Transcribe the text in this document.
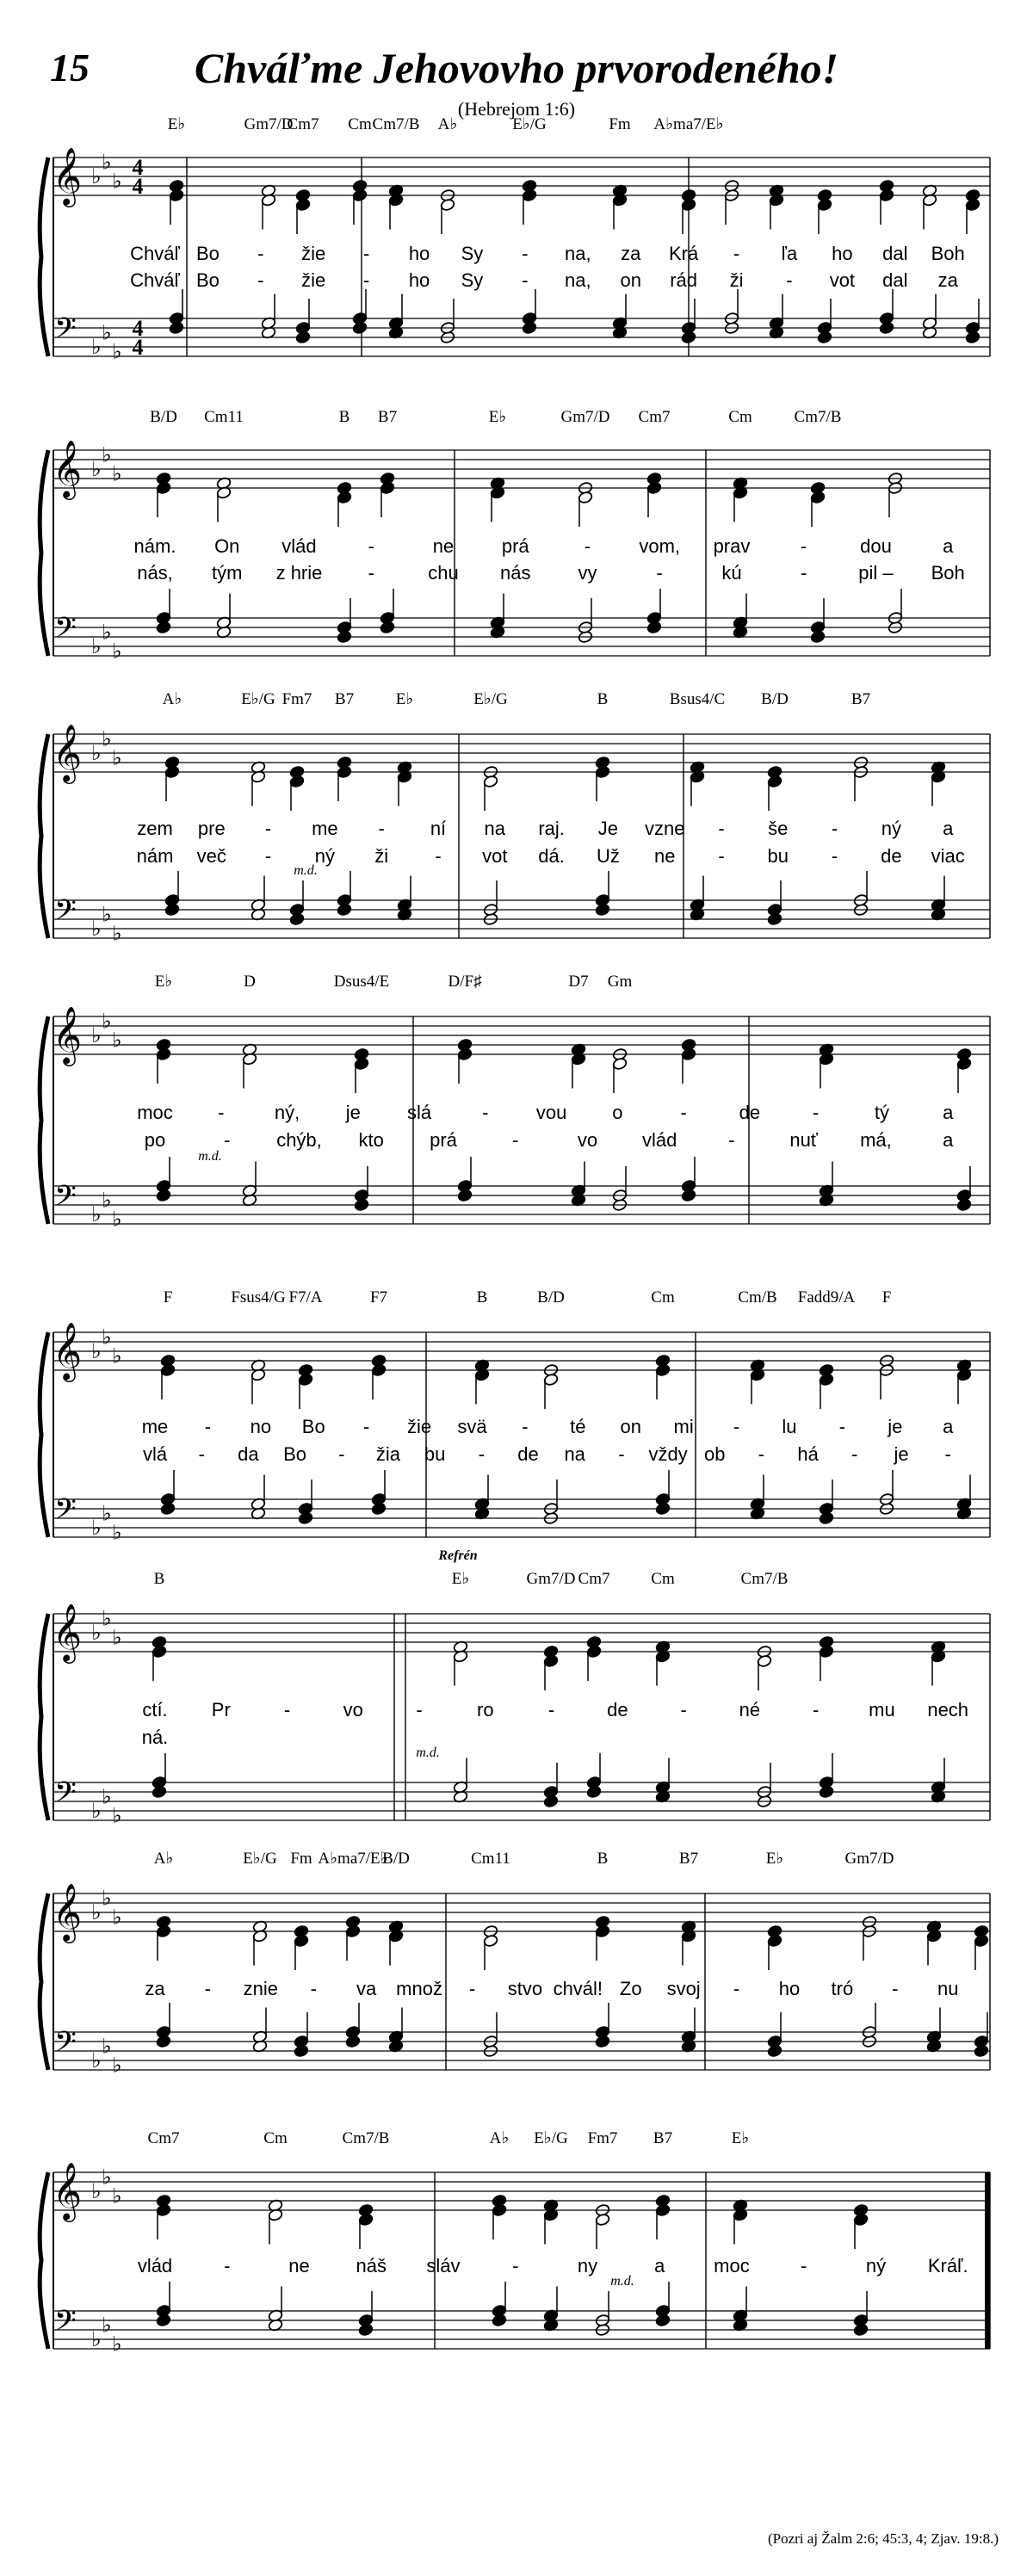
15	Chváľme Jehovovho prvorodeného!
(Hebrejom 1:6)
𝄞
𝄢
♭
♭
♭
♭
♭
♭
4
4
4
4
E♭	Gm7/D
Cm7 Cm Cm7/B A♭	E♭/G	Fm A♭ma7/E♭
Chváľ Bo - žie - ho Sy - na, za Krá - ľa ho dal Boh
Chváľ Bo - žie - ho Sy - na, on rád ži - vot dal za
𝄞
𝄢
♭
♭
♭
♭
♭
♭
B/D Cm11	B B7	E♭	Gm7/D Cm7	Cm	Cm7/B
nám. On vlád	-	ne	prá	-	vom, prav	-	dou	a
nás, tým z hrie -	chu nás	vy	-	kú	-	pil – Boh
𝄞
𝄢
♭
♭
♭
♭
♭
♭
A♭	E♭/G Fm7 B7	E♭	E♭/G	B	Bsus4/C B/D	B7
zem pre - me - ní na raj. Je vzne - še - ný a
nám več - ný ži - vot dá. Už ne - bu - de viac
m.d.
𝄞
𝄢
♭
♭
♭
♭
♭
♭
E♭	D	Dsus4/E	D/F♯	D7 Gm
moc -	ný, je slá	-	vou o	-	de	-	tý	a
po	- chýb, kto prá	-	vo vlád	-	nuť má,	a
m.d.
𝄞
𝄢
♭
♭
♭
♭
♭
♭
F	Fsus4/G F7/A	F7	B	B/D	Cm	Cm/B Fadd9/A F
me - no Bo - žie svä - té on mi - lu - je a
vlá - da Bo - žia bu - de na - vždy ob - há - je -
𝄞
𝄢
♭
♭
♭
♭
♭
♭
B	E♭	Gm7/D Cm7	Cm	Cm7/B
ctí. Pr	-	vo	-	ro	-	de	-	né	-	mu nech
ná.
Refrén
m.d.
𝄞
𝄢
♭
♭
♭
♭
♭
♭
A♭	E♭/G Fm A♭ma7/E♭
B/D	Cm11	B	B7	E♭	Gm7/D
za - znie - va množ - stvo chvál! Zo svoj - ho tró - nu
𝄞
𝄢
♭
♭
♭
♭
♭
♭
Cm7	Cm	Cm7/B	A♭ E♭/G Fm7 B7	E♭
vlád	-	ne náš sláv	-	ny	a	moc	-	ný Kráľ.
m.d.
(Pozri aj Žalm 2:6; 45:3, 4; Zjav. 19:8.)
